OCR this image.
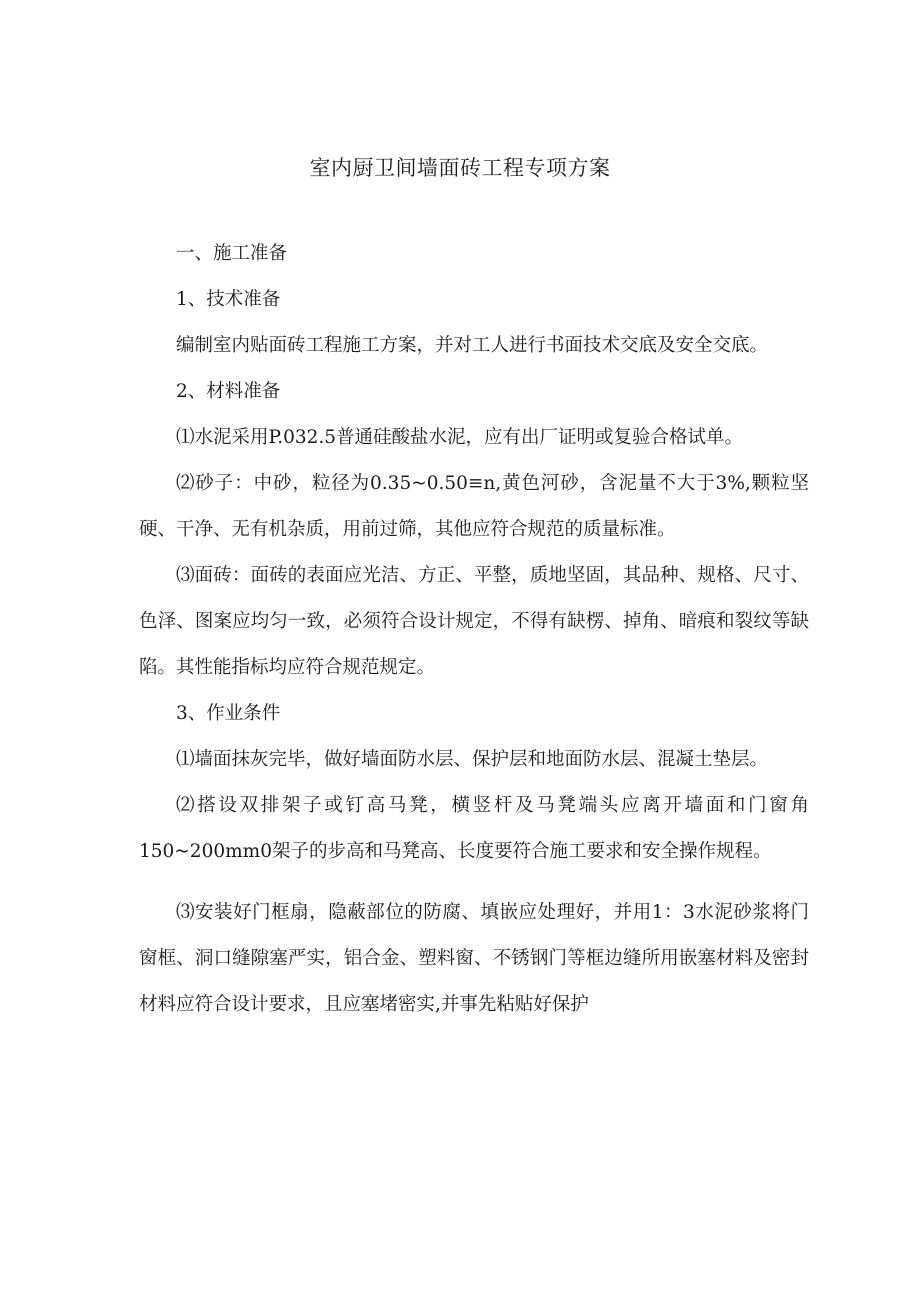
室内厨卫间墙面砖工程专项方案

一、施工准备

1、技术准备

编制室内贴面砖工程施工方案，并对工人进行书面技术交底及安全交底。

2、材料准备

⑴水泥采用P.032.5普通硅酸盐水泥，应有出厂证明或复验合格试单。

⑵砂子：中砂，粒径为0.35~0.50≡n,黄色河砂，含泥量不大于3%,颗粒坚硬、干净、无有机杂质，用前过筛，其他应符合规范的质量标准。

⑶面砖：面砖的表面应光洁、方正、平整，质地坚固，其品种、规格、尺寸、色泽、图案应均匀一致，必须符合设计规定，不得有缺楞、掉角、暗痕和裂纹等缺陷。其性能指标均应符合规范规定。

3、作业条件

⑴墙面抹灰完毕，做好墙面防水层、保护层和地面防水层、混凝土垫层。

⑵搭设双排架子或钉高马凳，横竖杆及马凳端头应离开墙面和门窗角150~200mm0架子的步高和马凳高、长度要符合施工要求和安全操作规程。

⑶安装好门框扇，隐蔽部位的防腐、填嵌应处理好，并用1：3水泥砂浆将门窗框、洞口缝隙塞严实，铝合金、塑料窗、不锈钢门等框边缝所用嵌塞材料及密封材料应符合设计要求，且应塞堵密实,并事先粘贴好保护
